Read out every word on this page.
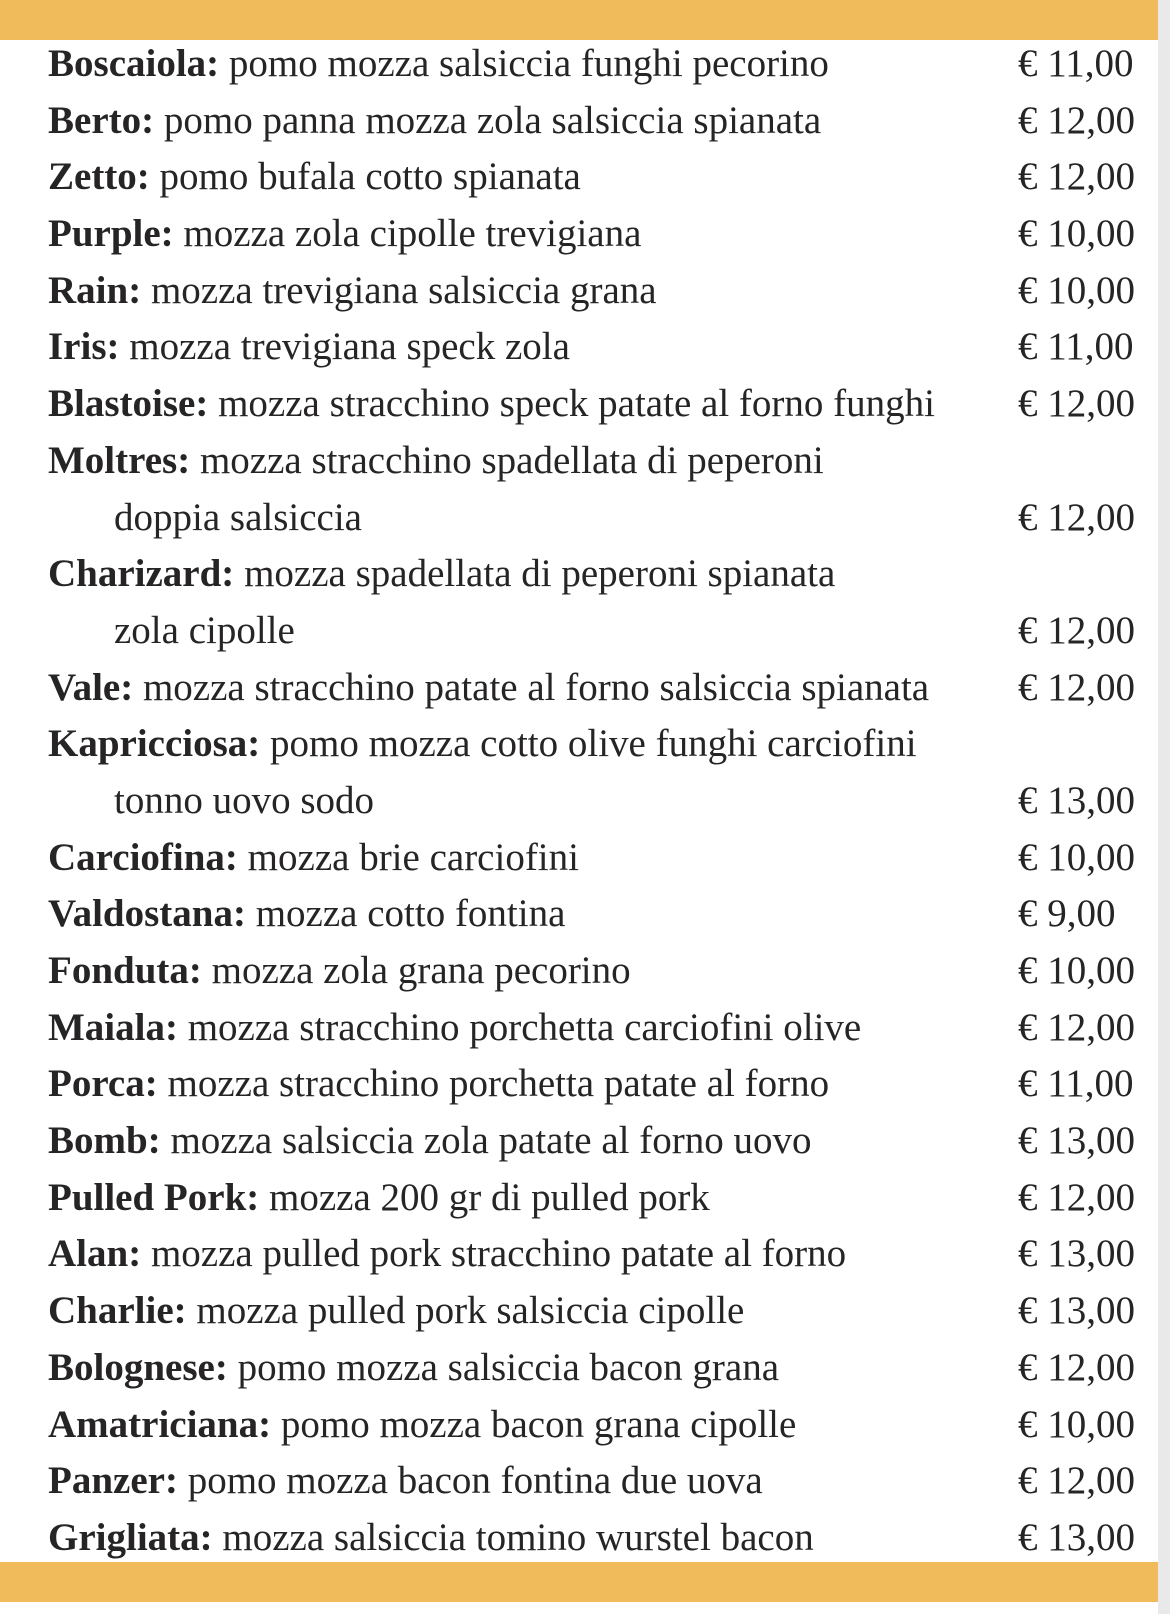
Boscaiola: pomo mozza salsiccia funghi pecorino	€ 11,00
Berto: pomo panna mozza zola salsiccia spianata	€ 12,00
Zetto: pomo bufala cotto spianata	€ 12,00
Purple: mozza zola cipolle trevigiana	€ 10,00
Rain: mozza trevigiana salsiccia grana	€ 10,00
Iris: mozza trevigiana speck zola	€ 11,00
Blastoise: mozza stracchino speck patate al forno funghi € 12,00
Moltres: mozza stracchino spadellata di peperoni
doppia salsiccia	€ 12,00
Charizard: mozza spadellata di peperoni spianata
zola cipolle	€ 12,00
Vale: mozza stracchino patate al forno salsiccia spianata € 12,00
Kapricciosa: pomo mozza cotto olive funghi carciofini
tonno uovo sodo	€ 13,00
Carciofina: mozza brie carciofini	€ 10,00
Valdostana: mozza cotto fontina	€ 9,00
Fonduta: mozza zola grana pecorino	€ 10,00
Maiala: mozza stracchino porchetta carciofini olive	€ 12,00
Porca: mozza stracchino porchetta patate al forno	€ 11,00
Bomb: mozza salsiccia zola patate al forno uovo	€ 13,00
Pulled Pork: mozza 200 gr di pulled pork	€ 12,00
Alan: mozza pulled pork stracchino patate al forno	€ 13,00
Charlie: mozza pulled pork salsiccia cipolle	€ 13,00
Bolognese: pomo mozza salsiccia bacon grana	€ 12,00
Amatriciana: pomo mozza bacon grana cipolle	€ 10,00
Panzer: pomo mozza bacon fontina due uova	€ 12,00
Grigliata: mozza salsiccia tomino wurstel bacon	€ 13,00
